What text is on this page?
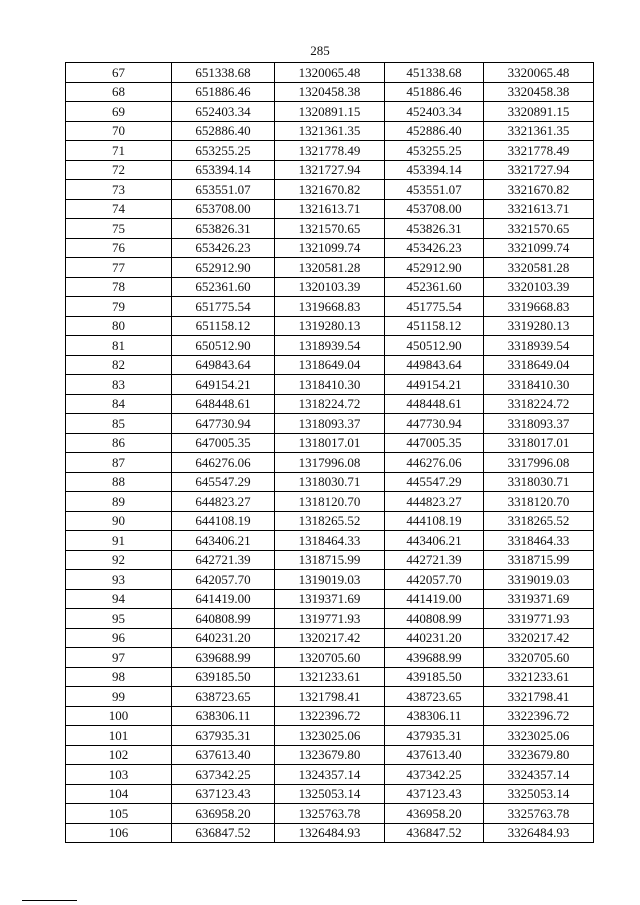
285
67	651338.68	1320065.48	451338.68	3320065.48
68	651886.46	1320458.38	451886.46	3320458.38
69	652403.34	1320891.15	452403.34	3320891.15
70	652886.40	1321361.35	452886.40	3321361.35
71	653255.25	1321778.49	453255.25	3321778.49
72	653394.14	1321727.94	453394.14	3321727.94
73	653551.07	1321670.82	453551.07	3321670.82
74	653708.00	1321613.71	453708.00	3321613.71
75	653826.31	1321570.65	453826.31	3321570.65
76	653426.23	1321099.74	453426.23	3321099.74
77	652912.90	1320581.28	452912.90	3320581.28
78	652361.60	1320103.39	452361.60	3320103.39
79	651775.54	1319668.83	451775.54	3319668.83
80	651158.12	1319280.13	451158.12	3319280.13
81	650512.90	1318939.54	450512.90	3318939.54
82	649843.64	1318649.04	449843.64	3318649.04
83	649154.21	1318410.30	449154.21	3318410.30
84	648448.61	1318224.72	448448.61	3318224.72
85	647730.94	1318093.37	447730.94	3318093.37
86	647005.35	1318017.01	447005.35	3318017.01
87	646276.06	1317996.08	446276.06	3317996.08
88	645547.29	1318030.71	445547.29	3318030.71
89	644823.27	1318120.70	444823.27	3318120.70
90	644108.19	1318265.52	444108.19	3318265.52
91	643406.21	1318464.33	443406.21	3318464.33
92	642721.39	1318715.99	442721.39	3318715.99
93	642057.70	1319019.03	442057.70	3319019.03
94	641419.00	1319371.69	441419.00	3319371.69
95	640808.99	1319771.93	440808.99	3319771.93
96	640231.20	1320217.42	440231.20	3320217.42
97	639688.99	1320705.60	439688.99	3320705.60
98	639185.50	1321233.61	439185.50	3321233.61
99	638723.65	1321798.41	438723.65	3321798.41
100	638306.11	1322396.72	438306.11	3322396.72
101	637935.31	1323025.06	437935.31	3323025.06
102	637613.40	1323679.80	437613.40	3323679.80
103	637342.25	1324357.14	437342.25	3324357.14
104	637123.43	1325053.14	437123.43	3325053.14
105	636958.20	1325763.78	436958.20	3325763.78
106	636847.52	1326484.93	436847.52	3326484.93
